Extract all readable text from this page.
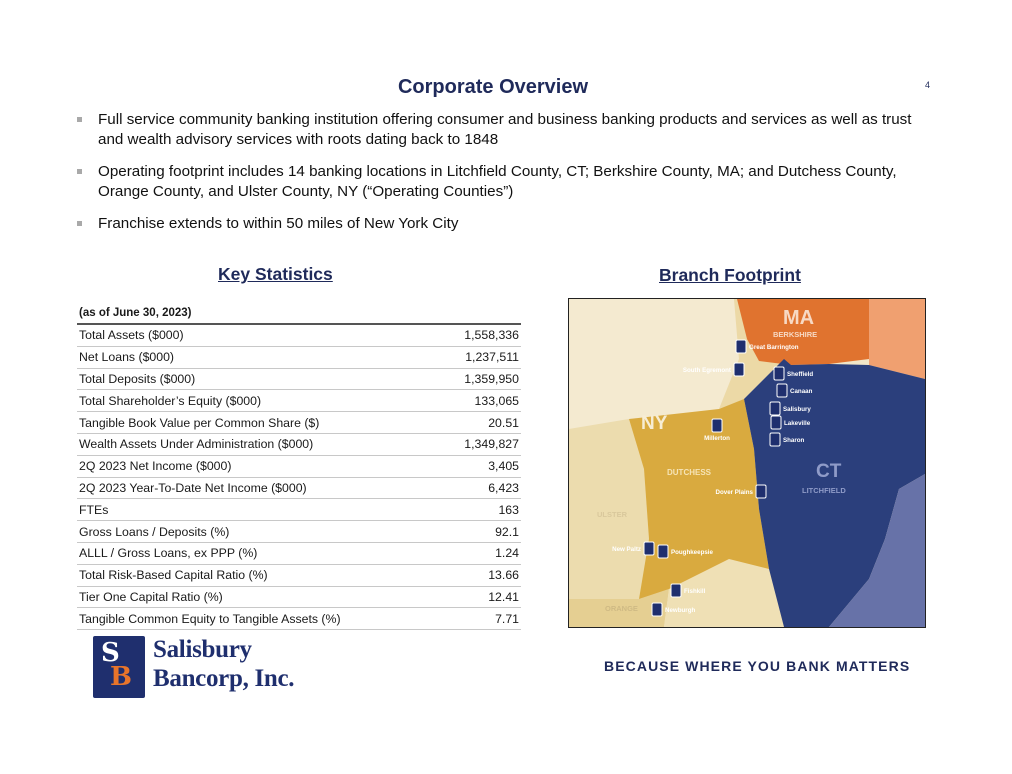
Corporate Overview	4
Full service community banking institution offering consumer and business banking products and services as well as trust and wealth advisory services with roots dating back to 1848
Operating footprint includes 14 banking locations in Litchfield County, CT; Berkshire County, MA; and Dutchess County, Orange County, and Ulster County, NY (“Operating Counties”)
Franchise extends to within 50 miles of New York City
Key Statistics	Branch Footprint
(as of June 30, 2023)
Total Assets ($000)	1,558,336
Net Loans ($000)	1,237,511
Total Deposits ($000)	1,359,950
Total Shareholder’s Equity ($000)	133,065
Tangible Book Value per Common Share ($)	20.51
Wealth Assets Under Administration ($000)	1,349,827
2Q 2023 Net Income ($000)	3,405
2Q 2023 Year-To-Date Net Income ($000)	6,423
FTEs	163
Gross Loans / Deposits (%)	92.1
ALLL / Gross Loans, ex PPP (%)	1.24
Total Risk-Based Capital Ratio (%)	13.66
Tier One Capital Ratio (%)	12.41
Tangible Common Equity to Tangible Assets (%)	7.71
MA
BERKSHIRE
NY
DUTCHESS	CT
LITCHFIELD
ULSTER
ORANGE
Great Barrington
South Egremont
Sheffield
Canaan
Salisbury
Lakeville
Millerton	Sharon
Dover Plains
New Paltz	Poughkeepsie
Fishkill
Newburgh
S
B
Salisbury
Bancorp, Inc.	BECAUSE WHERE YOU BANK MATTERS
